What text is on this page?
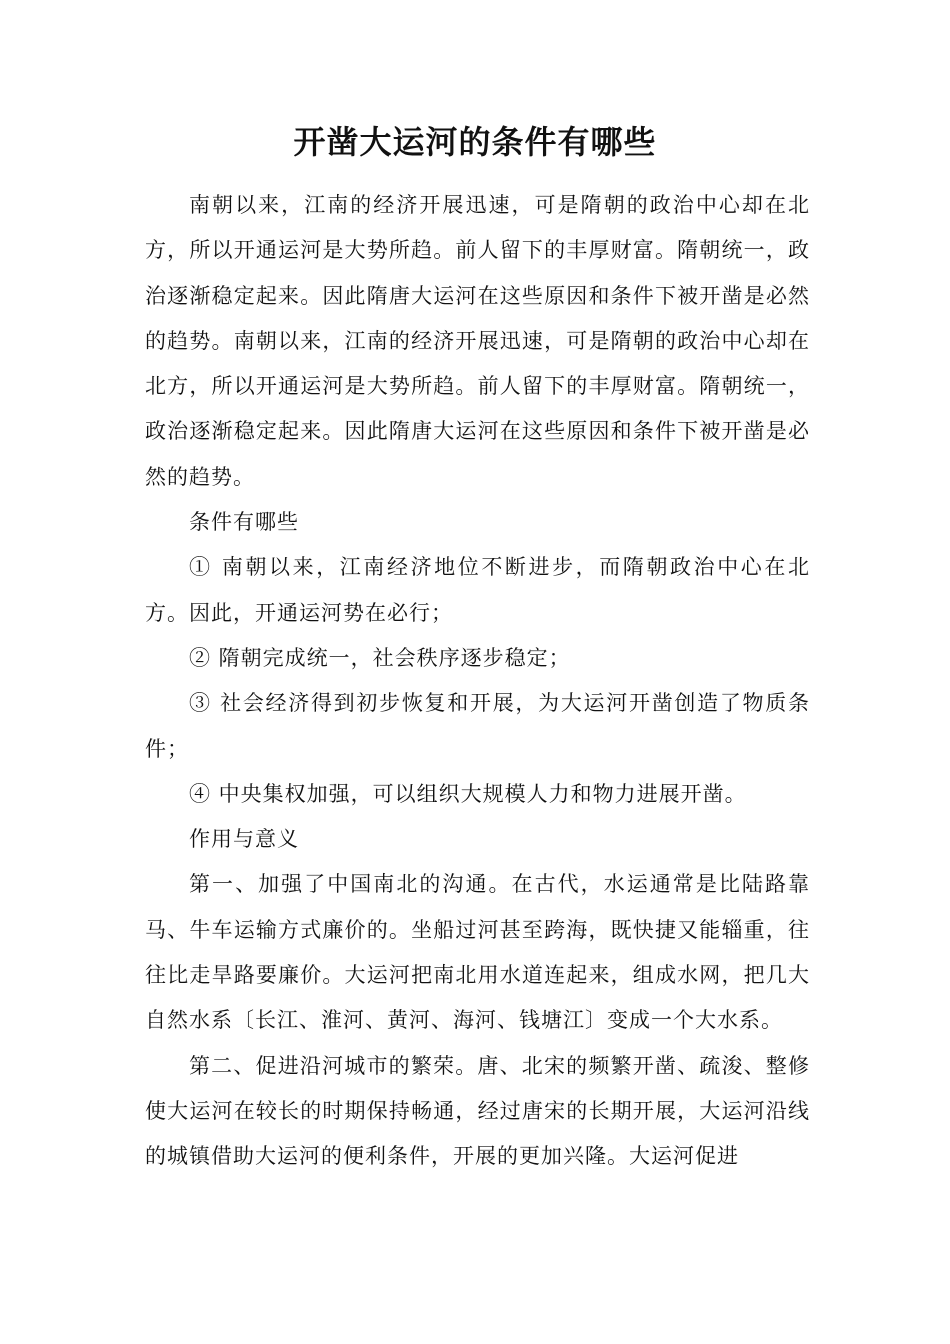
开凿大运河的条件有哪些

南朝以来，江南的经济开展迅速，可是隋朝的政治中心却在北方，所以开通运河是大势所趋。前人留下的丰厚财富。隋朝统一，政治逐渐稳定起来。因此隋唐大运河在这些原因和条件下被开凿是必然的趋势。南朝以来，江南的经济开展迅速，可是隋朝的政治中心却在北方，所以开通运河是大势所趋。前人留下的丰厚财富。隋朝统一，政治逐渐稳定起来。因此隋唐大运河在这些原因和条件下被开凿是必然的趋势。

条件有哪些

① 南朝以来，江南经济地位不断进步，而隋朝政治中心在北方。因此，开通运河势在必行；

② 隋朝完成统一，社会秩序逐步稳定；

③ 社会经济得到初步恢复和开展，为大运河开凿创造了物质条件；

④ 中央集权加强，可以组织大规模人力和物力进展开凿。

作用与意义

第一、加强了中国南北的沟通。在古代，水运通常是比陆路靠马、牛车运输方式廉价的。坐船过河甚至跨海，既快捷又能辎重，往往比走旱路要廉价。大运河把南北用水道连起来，组成水网，把几大自然水系〔长江、淮河、黄河、海河、钱塘江〕变成一个大水系。

第二、促进沿河城市的繁荣。唐、北宋的频繁开凿、疏浚、整修使大运河在较长的时期保持畅通，经过唐宋的长期开展，大运河沿线的城镇借助大运河的便利条件，开展的更加兴隆。大运河促进
